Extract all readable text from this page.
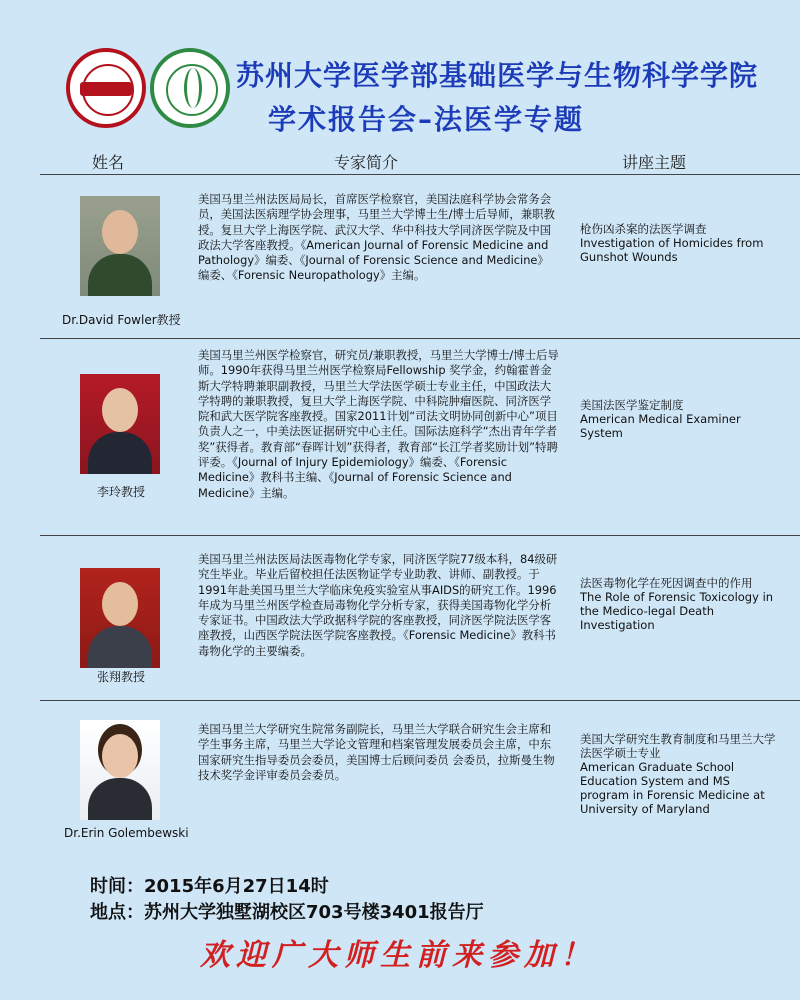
苏州大学医学部基础医学与生物科学学院
学术报告会–法医学专题
姓名	专家简介	讲座主题
Dr.David Fowler教授
美国马里兰州法医局局长，首席医学检察官，美国法庭科学协会常务会员，美国法医病理学协会理事，马里兰大学博士生/博士后导师，兼职教授。复旦大学上海医学院、武汉大学、华中科技大学同济医学院及中国政法大学客座教授。《American Journal of Forensic Medicine and Pathology》编委、《Journal of Forensic Science and Medicine》编委、《Forensic Neuropathology》主编。
枪伤凶杀案的法医学调查
Investigation of Homicides from Gunshot Wounds
李玲教授
美国马里兰州医学检察官，研究员/兼职教授，马里兰大学博士/博士后导师。1990年获得马里兰州医学检察局Fellowship 奖学金，约翰霍普金斯大学特聘兼职副教授，马里兰大学法医学硕士专业主任，中国政法大学特聘的兼职教授，复旦大学上海医学院、中科院肿瘤医院、同济医学院和武大医学院客座教授。国家2011计划“司法文明协同创新中心”项目负责人之一，中美法医证据研究中心主任。国际法庭科学“杰出青年学者奖”获得者。教育部“春晖计划”获得者，教育部“长江学者奖励计划”特聘评委。《Journal of Injury Epidemiology》编委、《Forensic Medicine》教科书主编、《Journal of Forensic Science and Medicine》主编。
美国法医学鉴定制度
American Medical Examiner System
张翔教授
美国马里兰州法医局法医毒物化学专家，同济医学院77级本科，84级研究生毕业。毕业后留校担任法医物证学专业助教、讲师、副教授。于1991年赴美国马里兰大学临床免疫实验室从事AIDS的研究工作。1996年成为马里兰州医学检查局毒物化学分析专家，获得美国毒物化学分析专家证书。中国政法大学政据科学院的客座教授，同济医学院法医学客座教授，山西医学院法医学院客座教授。《Forensic Medicine》教科书毒物化学的主要编委。
法医毒物化学在死因调查中的作用
The Role of Forensic Toxicology in the Medico-legal Death Investigation
Dr.Erin Golembewski
美国马里兰大学研究生院常务副院长，马里兰大学联合研究生会主席和学生事务主席，马里兰大学论文管理和档案管理发展委员会主席，中东国家研究生指导委员会委员，美国博士后顾问委员 会委员，拉斯曼生物技术奖学金评审委员会委员。
美国大学研究生教育制度和马里兰大学法医学硕士专业
American Graduate School Education System and MS program in Forensic Medicine at University of Maryland
时间：2015年6月27日14时
地点：苏州大学独墅湖校区703号楼3401报告厅
欢迎广大师生前来参加！
